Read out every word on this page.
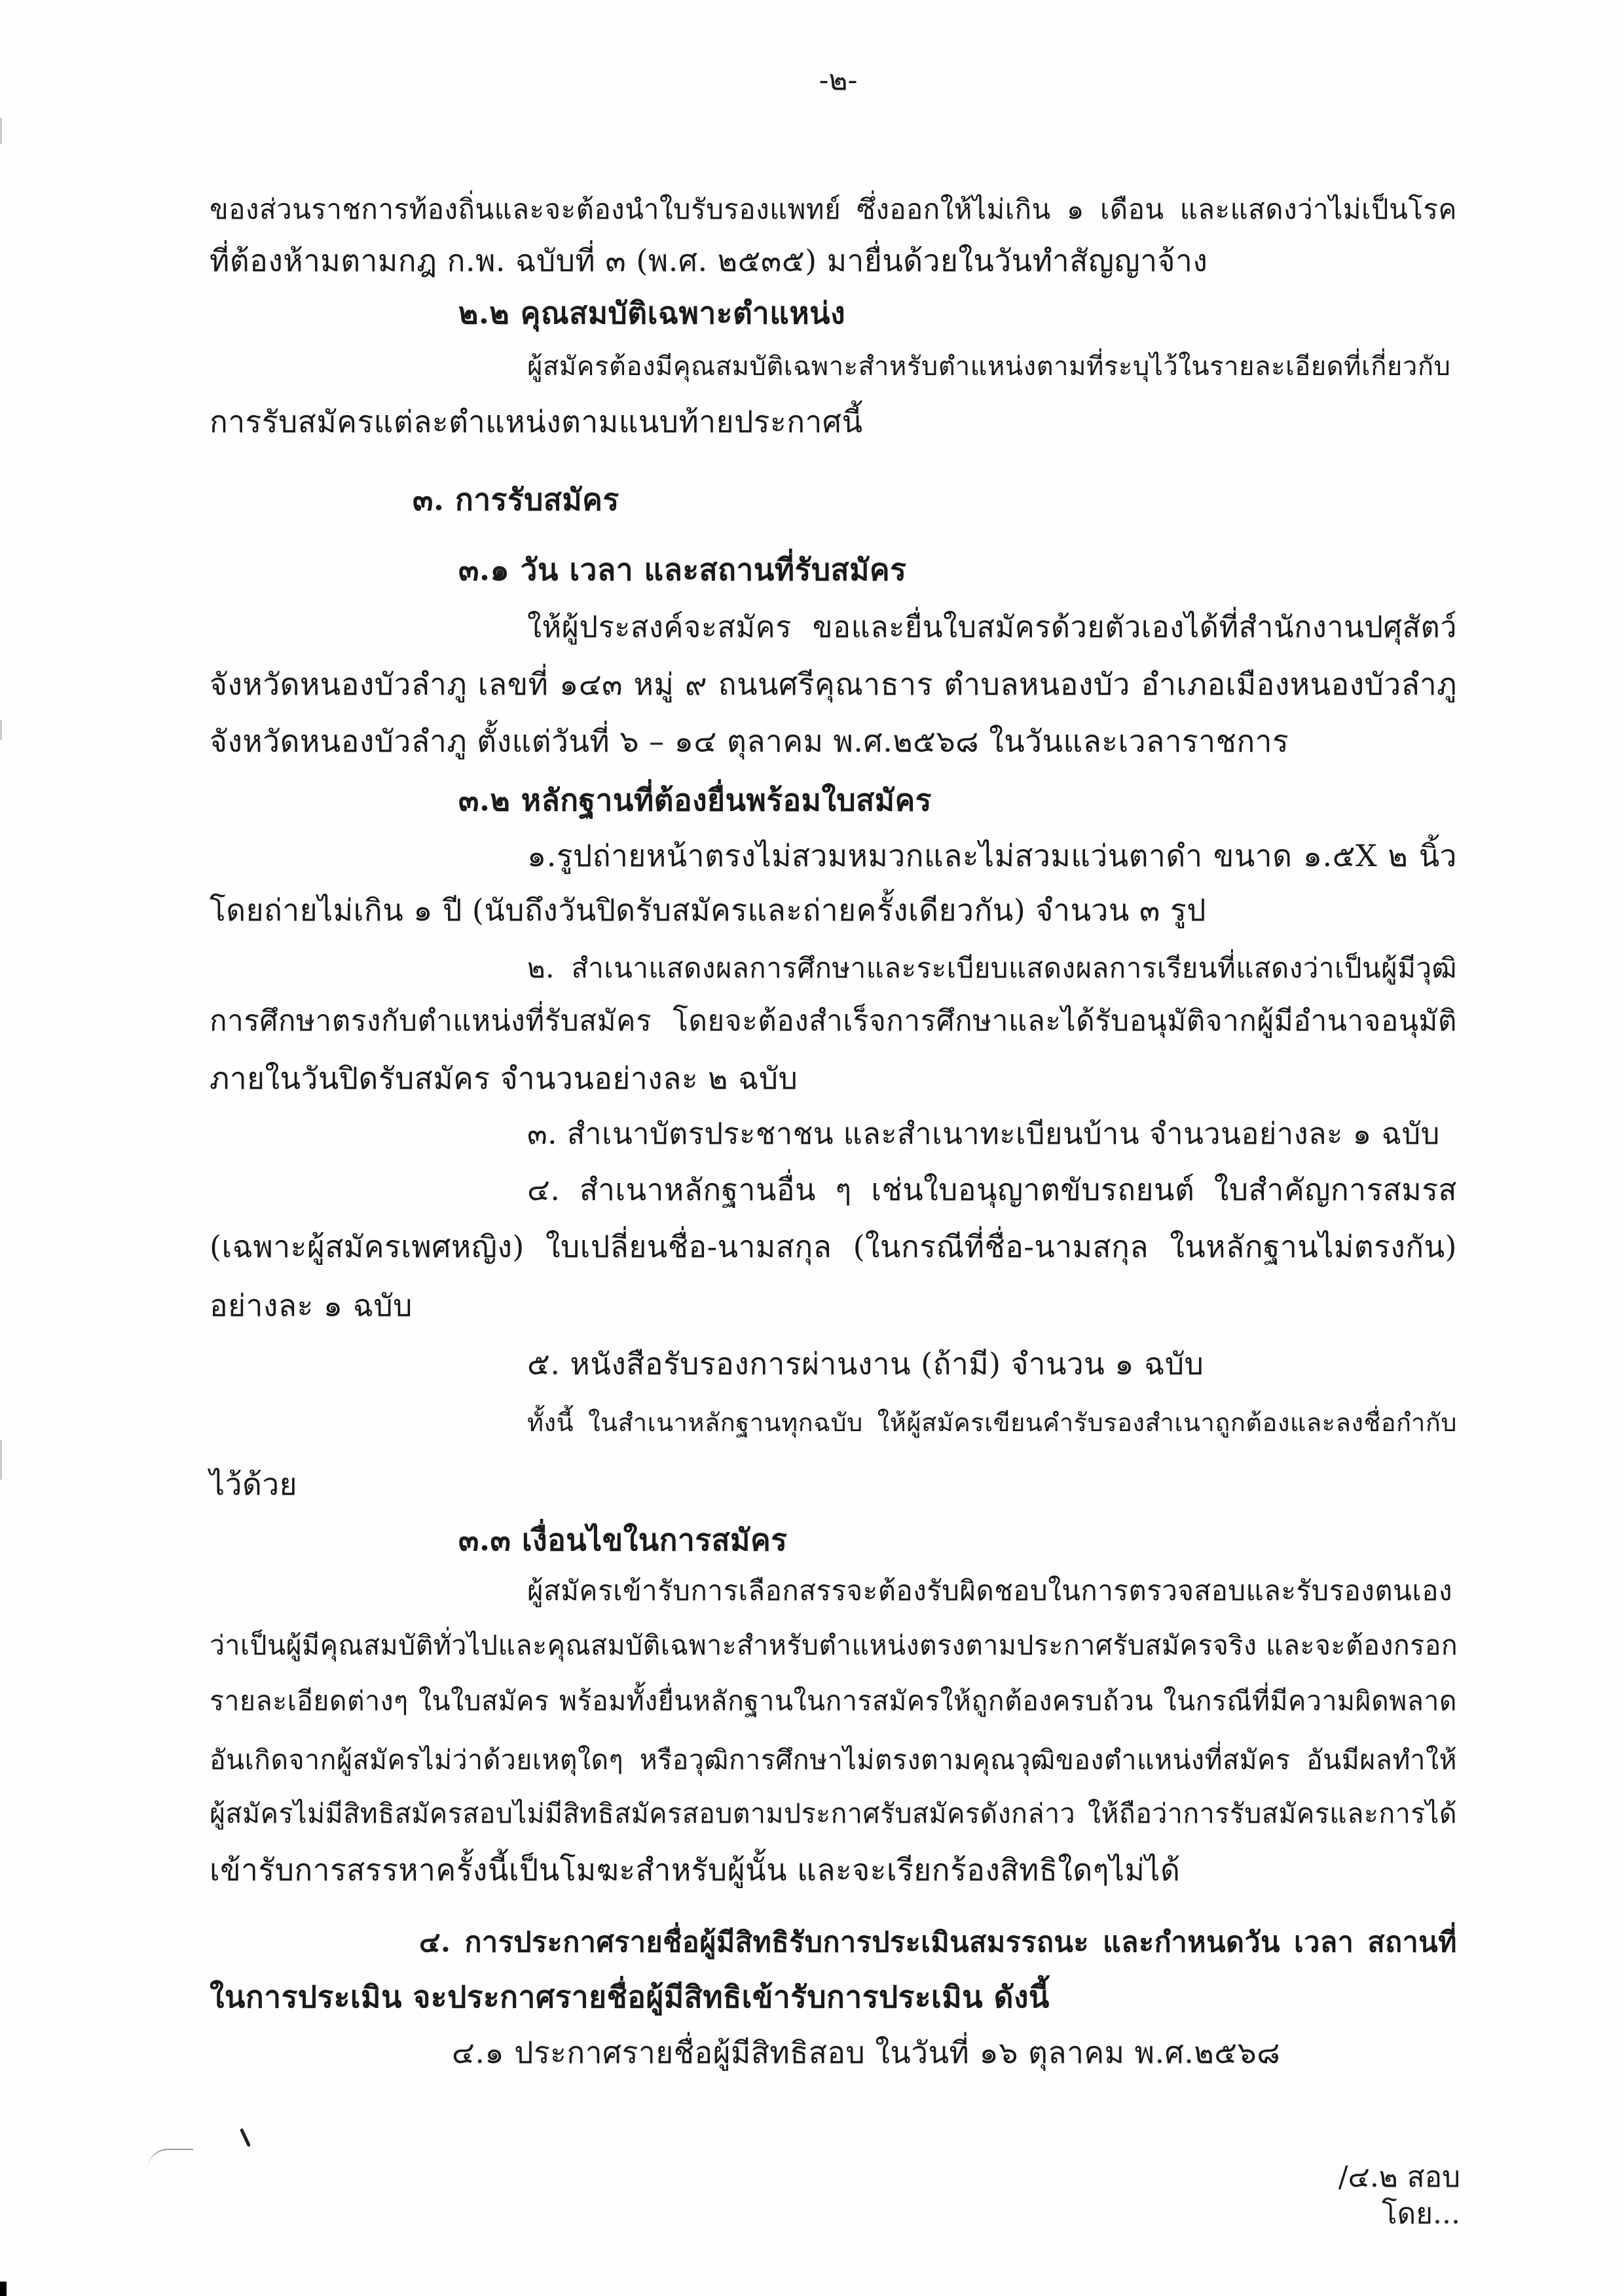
-๒-
ของส่วนราชการท้องถิ่นและจะต้องนำใบรับรองแพทย์ ซึ่งออกให้ไม่เกิน ๑ เดือน และแสดงว่าไม่เป็นโรค
ที่ต้องห้ามตามกฎ ก.พ. ฉบับที่ ๓ (พ.ศ. ๒๕๓๕) มายื่นด้วยในวันทำสัญญาจ้าง
๒.๒ คุณสมบัติเฉพาะตำแหน่ง
ผู้สมัครต้องมีคุณสมบัติเฉพาะสำหรับตำแหน่งตามที่ระบุไว้ในรายละเอียดที่เกี่ยวกับ
การรับสมัครแต่ละตำแหน่งตามแนบท้ายประกาศนี้
๓. การรับสมัคร
๓.๑ วัน เวลา และสถานที่รับสมัคร
ให้ผู้ประสงค์จะสมัคร ขอและยื่นใบสมัครด้วยตัวเองได้ที่สำนักงานปศุสัตว์
จังหวัดหนองบัวลำภู เลขที่ ๑๔๓ หมู่ ๙ ถนนศรีคุณาธาร ตำบลหนองบัว อำเภอเมืองหนองบัวลำภู
จังหวัดหนองบัวลำภู ตั้งแต่วันที่ ๖ – ๑๔ ตุลาคม พ.ศ.๒๕๖๘ ในวันและเวลาราชการ
๓.๒ หลักฐานที่ต้องยื่นพร้อมใบสมัคร
๑.รูปถ่ายหน้าตรงไม่สวมหมวกและไม่สวมแว่นตาดำ ขนาด ๑.๕X ๒ นิ้ว
โดยถ่ายไม่เกิน ๑ ปี (นับถึงวันปิดรับสมัครและถ่ายครั้งเดียวกัน) จำนวน ๓ รูป
๒. สำเนาแสดงผลการศึกษาและระเบียบแสดงผลการเรียนที่แสดงว่าเป็นผู้มีวุฒิ
การศึกษาตรงกับตำแหน่งที่รับสมัคร โดยจะต้องสำเร็จการศึกษาและได้รับอนุมัติจากผู้มีอำนาจอนุมัติ
ภายในวันปิดรับสมัคร จำนวนอย่างละ ๒ ฉบับ
๓. สำเนาบัตรประชาชน และสำเนาทะเบียนบ้าน จำนวนอย่างละ ๑ ฉบับ
๔. สำเนาหลักฐานอื่น ๆ เช่นใบอนุญาตขับรถยนต์ ใบสำคัญการสมรส
(เฉพาะผู้สมัครเพศหญิง) ใบเปลี่ยนชื่อ-นามสกุล (ในกรณีที่ชื่อ-นามสกุล ในหลักฐานไม่ตรงกัน)
อย่างละ ๑ ฉบับ
๕. หนังสือรับรองการผ่านงาน (ถ้ามี) จำนวน ๑ ฉบับ
ทั้งนี้ ในสำเนาหลักฐานทุกฉบับ ให้ผู้สมัครเขียนคำรับรองสำเนาถูกต้องและลงชื่อกำกับ
ไว้ด้วย
๓.๓ เงื่อนไขในการสมัคร
ผู้สมัครเข้ารับการเลือกสรรจะต้องรับผิดชอบในการตรวจสอบและรับรองตนเอง
ว่าเป็นผู้มีคุณสมบัติทั่วไปและคุณสมบัติเฉพาะสำหรับตำแหน่งตรงตามประกาศรับสมัครจริง และจะต้องกรอก
รายละเอียดต่างๆ ในใบสมัคร พร้อมทั้งยื่นหลักฐานในการสมัครให้ถูกต้องครบถ้วน ในกรณีที่มีความผิดพลาด
อันเกิดจากผู้สมัครไม่ว่าด้วยเหตุใดๆ หรือวุฒิการศึกษาไม่ตรงตามคุณวุฒิของตำแหน่งที่สมัคร อันมีผลทำให้
ผู้สมัครไม่มีสิทธิสมัครสอบไม่มีสิทธิสมัครสอบตามประกาศรับสมัครดังกล่าว ให้ถือว่าการรับสมัครและการได้
เข้ารับการสรรหาครั้งนี้เป็นโมฆะสำหรับผู้นั้น และจะเรียกร้องสิทธิใดๆไม่ได้
๔. การประกาศรายชื่อผู้มีสิทธิรับการประเมินสมรรถนะ และกำหนดวัน เวลา สถานที่
ในการประเมิน จะประกาศรายชื่อผู้มีสิทธิเข้ารับการประเมิน ดังนี้
๔.๑ ประกาศรายชื่อผู้มีสิทธิสอบ ในวันที่ ๑๖ ตุลาคม พ.ศ.๒๕๖๘
/๔.๒ สอบโดย...
